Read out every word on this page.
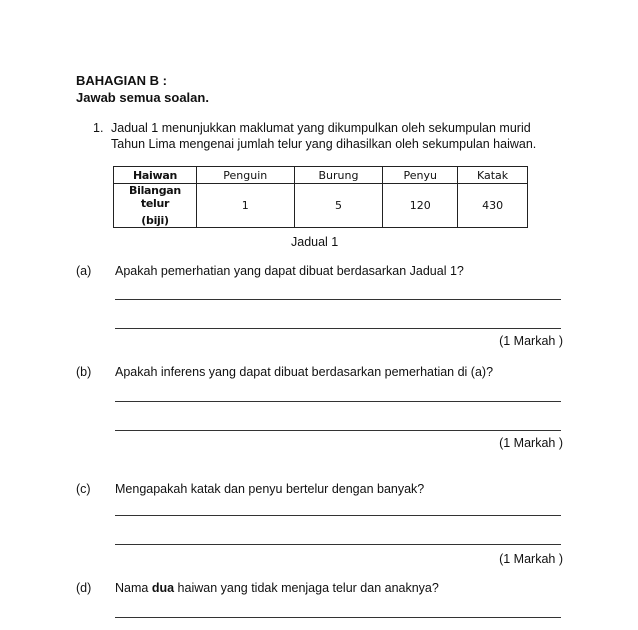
BAHAGIAN B :
Jawab semua soalan.
1. Jadual 1 menunjukkan maklumat yang dikumpulkan oleh sekumpulan murid
Tahun Lima mengenai jumlah telur yang dihasilkan oleh sekumpulan haiwan.
Haiwan	Penguin	Burung	Penyu	Katak

Bilangan telur
(biji)	1	5	120	430
Jadual 1
(a) Apakah pemerhatian yang dapat dibuat berdasarkan Jadual 1?
(1 Markah )
(b) Apakah inferens yang dapat dibuat berdasarkan pemerhatian di (a)?
(1 Markah )
(c) Mengapakah katak dan penyu bertelur dengan banyak?
(1 Markah )
(d) Nama dua haiwan yang tidak menjaga telur dan anaknya?
